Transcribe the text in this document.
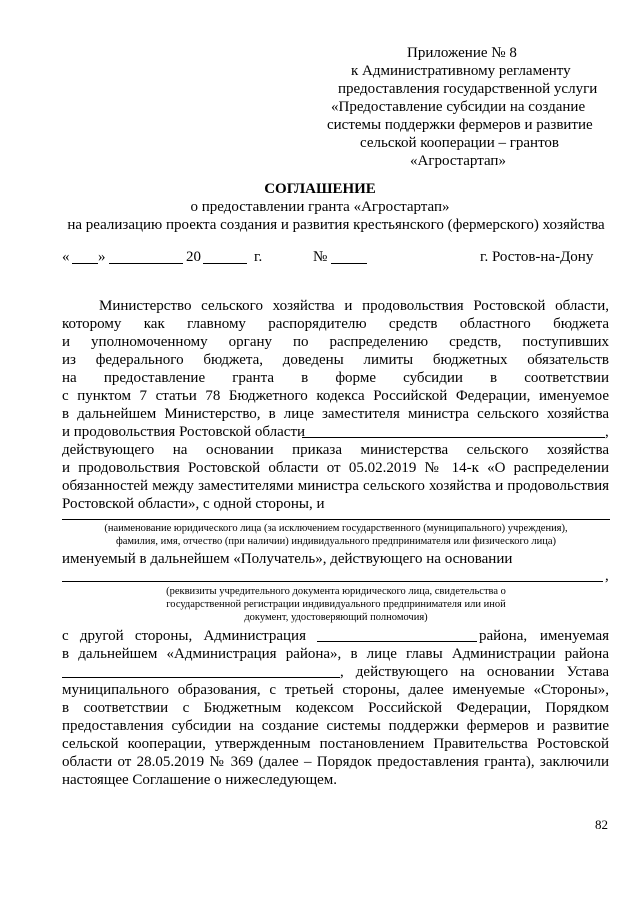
Приложение № 8
к Административному регламенту
предоставления государственной услуги
«Предоставление субсидии на создание
системы поддержки фермеров и развитие
сельской кооперации – грантов
«Агростартап»
СОГЛАШЕНИЕ
о предоставлении гранта «Агростартап»
на реализацию проекта создания и развития крестьянского (фермерского) хозяйства
« »	20	г.	№	г. Ростов-на-Дону
Министерство сельского хозяйства и продовольствия Ростовской области,
которому как главному распорядителю средств областного бюджета
и уполномоченному органу по распределению средств, поступивших
из федерального бюджета, доведены лимиты бюджетных обязательств
на предоставление гранта в форме субсидии в соответствии
с пунктом 7 статьи 78 Бюджетного кодекса Российской Федерации, именуемое
в дальнейшем Министерство, в лице заместителя министра сельского хозяйства
и продовольствия Ростовской области	,
действующего на основании приказа министерства сельского хозяйства
и продовольствия Ростовской области от 05.02.2019 № 14-к «О распределении
обязанностей между заместителями министра сельского хозяйства и продовольствия
Ростовской области», с одной стороны, и
(наименование юридического лица (за исключением государственного (муниципального) учреждения),
фамилия, имя, отчество (при наличии) индивидуального предпринимателя или физического лица)
именуемый в дальнейшем «Получатель», действующего на основании
,
(реквизиты учредительного документа юридического лица, свидетельства о
государственной регистрации индивидуального предпринимателя или иной
документ, удостоверяющий полномочия)
с другой стороны, Администрация	района, именуемая
в дальнейшем «Администрация района», в лице главы Администрации района
, действующего на основании Устава
муниципального образования, с третьей стороны, далее именуемые «Стороны»,
в соответствии с Бюджетным кодексом Российской Федерации, Порядком
предоставления субсидии на создание системы поддержки фермеров и развитие
сельской кооперации, утвержденным постановлением Правительства Ростовской
области от 28.05.2019 № 369 (далее – Порядок предоставления гранта), заключили
настоящее Соглашение о нижеследующем.
82
